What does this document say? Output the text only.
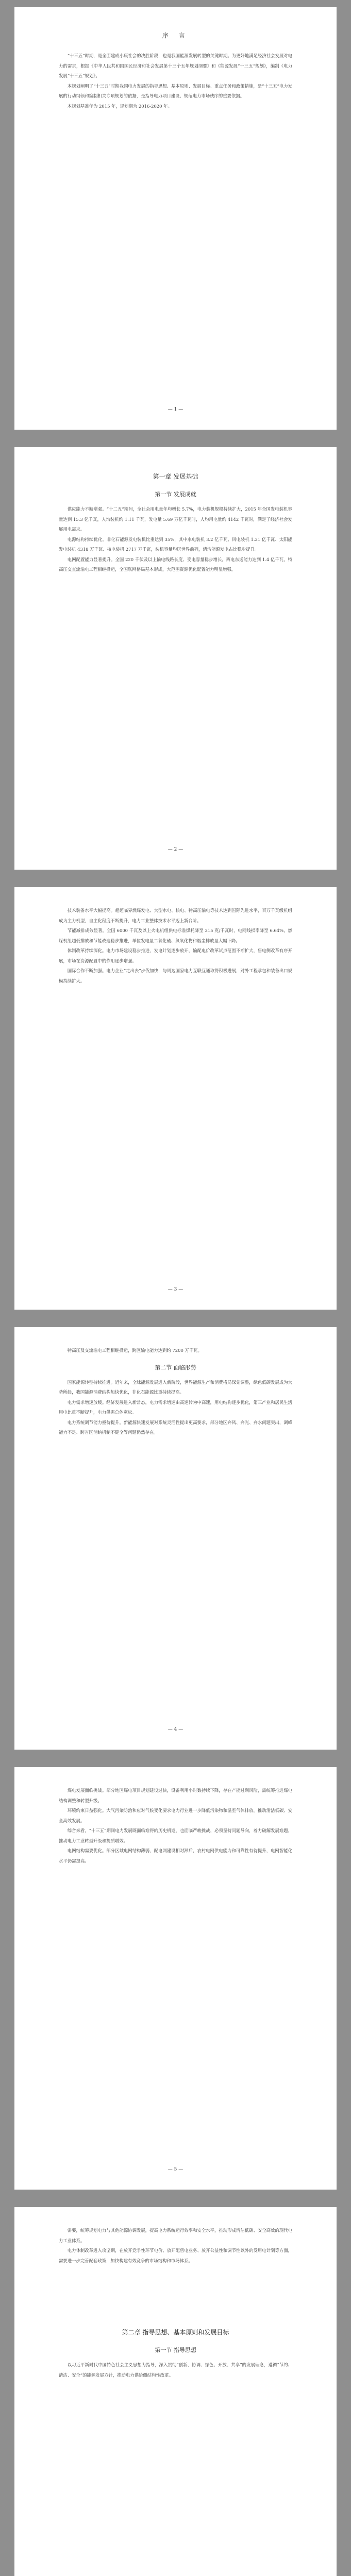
序 言

“十三五”时期，是全面建成小康社会的决胜阶段，也是我国能源发展转型的关键时期。为更好地满足经济社会发展对电力的需求，根据《中华人民共和国国民经济和社会发展第十三个五年规划纲要》和《能源发展“十三五”规划》，编制《电力发展“十三五”规划》。

本规划阐明了“十三五”时期我国电力发展的指导思想、基本原则、发展目标、重点任务和政策措施，是“十三五”电力发展的行动纲领和编制相关专项规划的依据，是指导电力项目建设、规范电力市场秩序的重要依据。

本规划基准年为 2015 年，规划期为 2016-2020 年。

— 1 —
第一章 发展基础
第一节 发展成就

供应能力不断增强。“十二五”期间，全社会用电量年均增长 5.7%，电力装机规模持续扩大，2015 年全国发电装机容量达到 15.3 亿千瓦，人均装机约 1.11 千瓦，发电量 5.69 万亿千瓦时，人均用电量约 4142 千瓦时，满足了经济社会发展用电需求。

电源结构持续优化。非化石能源发电装机比重达到 35%，其中水电装机 3.2 亿千瓦、风电装机 1.31 亿千瓦、太阳能发电装机 4318 万千瓦、核电装机 2717 万千瓦，装机容量均居世界前列，清洁能源发电占比稳步提升。

电网配置能力显著提升。全国 220 千伏及以上输电线路长度、变电容量稳步增长，西电东送能力达到 1.4 亿千瓦，特高压交直流输电工程相继投运，全国联网格局基本形成，大范围资源优化配置能力明显增强。

— 2 —

技术装备水平大幅提高。超超临界燃煤发电、大型水电、核电、特高压输电等技术达到国际先进水平，百万千瓦级机组成为主力机型，自主化程度不断提升，电力工业整体技术水平迈上新台阶。

节能减排成效显著。全国 6000 千瓦及以上火电机组供电标准煤耗降至 315 克/千瓦时，电网线损率降至 6.64%，燃煤机组超低排放和节能改造稳步推进，单位发电量二氧化硫、氮氧化物和烟尘排放量大幅下降。

体制改革持续深化。电力市场建设稳步推进，发电计划逐步放开，输配电价改革试点范围不断扩大，售电侧改革有序开展，市场在资源配置中的作用逐步增强。

国际合作不断加强。电力企业“走出去”步伐加快，与周边国家电力互联互通取得积极进展，对外工程承包和装备出口规模持续扩大。

— 3 —

特高压及交流输电工程相继投运，跨区输电能力达到约 7200 万千瓦。

第二节 面临形势

国家能源转型持续推进。近年来，全球能源发展进入新阶段，世界能源生产和消费格局深刻调整，绿色低碳发展成为大势所趋，我国能源消费结构加快优化，非化石能源比重持续提高。

电力需求增速放缓。经济发展进入新常态，电力需求增速由高速转为中高速，用电结构逐步优化，第三产业和居民生活用电比重不断提升，电力供需总体宽松。

电力系统调节能力亟待提升。新能源快速发展对系统灵活性提出更高要求，部分地区弃风、弃光、弃水问题突出，调峰能力不足、跨省区消纳机制不健全等问题仍然存在。

— 4 —

煤电发展面临挑战。部分地区煤电项目规划建设过快，设备利用小时数持续下降，存在产能过剩风险，需统筹推进煤电结构调整和转型升级。

环境约束日益强化。大气污染防治和应对气候变化要求电力行业进一步降低污染物和温室气体排放，推动清洁低碳、安全高效发展。

综合来看，“十三五”期间电力发展既面临难得的历史机遇，也面临严峻挑战，必须坚持问题导向，着力破解发展难题，推动电力工业转型升级和提质增效。

电网结构需要优化。部分区域电网结构薄弱，配电网建设相对滞后，农村电网供电能力和可靠性有待提升，电网智能化水平仍需提高。

— 5 —

需要，统筹规划电力与其他能源协调发展，提高电力系统运行效率和安全水平，推动形成清洁低碳、安全高效的现代电力工业体系。

电力体制改革进入攻坚期，在放开竞争性环节电价、放开配售电业务、放开公益性和调节性以外的发用电计划等方面，需要进一步完善配套政策，加快构建有效竞争的市场结构和市场体系。

第二章 指导思想、基本原则和发展目标
第一节 指导思想

以习近平新时代中国特色社会主义思想为指导，深入贯彻“创新、协调、绿色、开放、共享”的发展理念，遵循“节约、清洁、安全”的能源发展方针，推动电力供给侧结构性改革。
